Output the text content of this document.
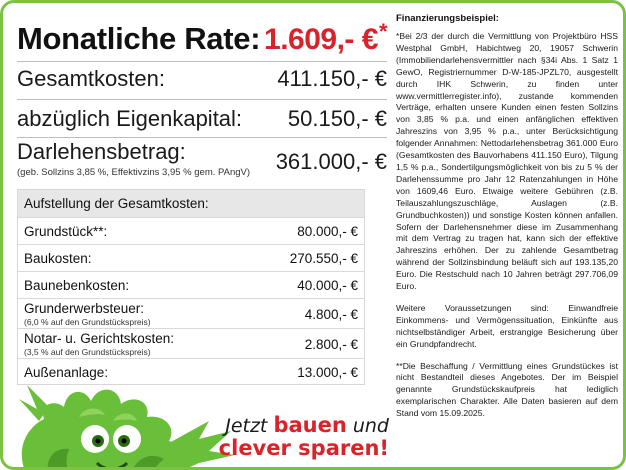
Monatliche Rate: 1.609,- €*
Gesamtkosten:	411.150,- €
abzüglich Eigenkapital: 50.150,- €
Darlehensbetrag:
(geb. Sollzins 3,85 %, Effektivzins 3,95 % gem. PAngV) 361.000,- €
Aufstellung der Gesamtkosten:
Grundstück**:	80.000,- €
Baukosten:	270.550,- €
Baunebenkosten:	40.000,- €
Grunderwerbsteuer:
(6,0 % auf den Grundstückspreis)	4.800,- €
Notar- u. Gerichtskosten:
(3,5 % auf den Grundstückspreis)	2.800,- €
Außenanlage:	13.000,- €
Jetzt bauen und
clever sparen!
Finanzierungsbeispiel:

*Bei 2/3 der durch die Vermittlung von Projektbüro HSS Westphal GmbH, Habichtweg 20, 19057 Schwerin (Immobiliendarlehensvermittler nach §34i Abs. 1 Satz 1 GewO, Registriernummer D-W-185-JPZL70, ausgestellt durch IHK Schwerin, zu finden unter www.vermittlerregister.info), zustande kommenden Verträge, erhalten unsere Kunden einen festen Sollzins von 3,85 % p.a. und einen anfänglichen effektiven Jahreszins von 3,95 % p.a., unter Berücksichtigung folgender Annahmen: Nettodarlehensbetrag 361.000 Euro (Gesamtkosten des Bauvorhabens 411.150 Euro), Tilgung 1,5 % p.a., Sondertilgungsmöglichkeit von bis zu 5 % der Darlehenssumme pro Jahr 12 Ratenzahlungen in Höhe von 1609,46 Euro. Etwaige weitere Gebühren (z.B. Teilauszahlungszuschläge, Auslagen (z.B. Grundbuchkosten)) und sonstige Kosten können anfallen. Sofern der Darlehensnehmer diese im Zusammenhang mit dem Vertrag zu tragen hat, kann sich der effektive Jahreszins erhöhen. Der zu zahlende Gesamtbetrag während der Sollzinsbindung beläuft sich auf 193.135,20 Euro. Die Restschuld nach 10 Jahren beträgt 297.706,09 Euro.

Weitere Voraussetzungen sind: Einwandfreie Einkommens- und Vermögenssituation, Einkünfte aus nichtselbständiger Arbeit, erstrangige Besicherung über ein Grundpfandrecht.

**Die Beschaffung / Vermittlung eines Grundstückes ist nicht Bestandteil dieses Angebotes. Der im Beispiel genannte Grundstückskaufpreis hat lediglich exemplarischen Charakter. Alle Daten basieren auf dem Stand vom 15.09.2025.
